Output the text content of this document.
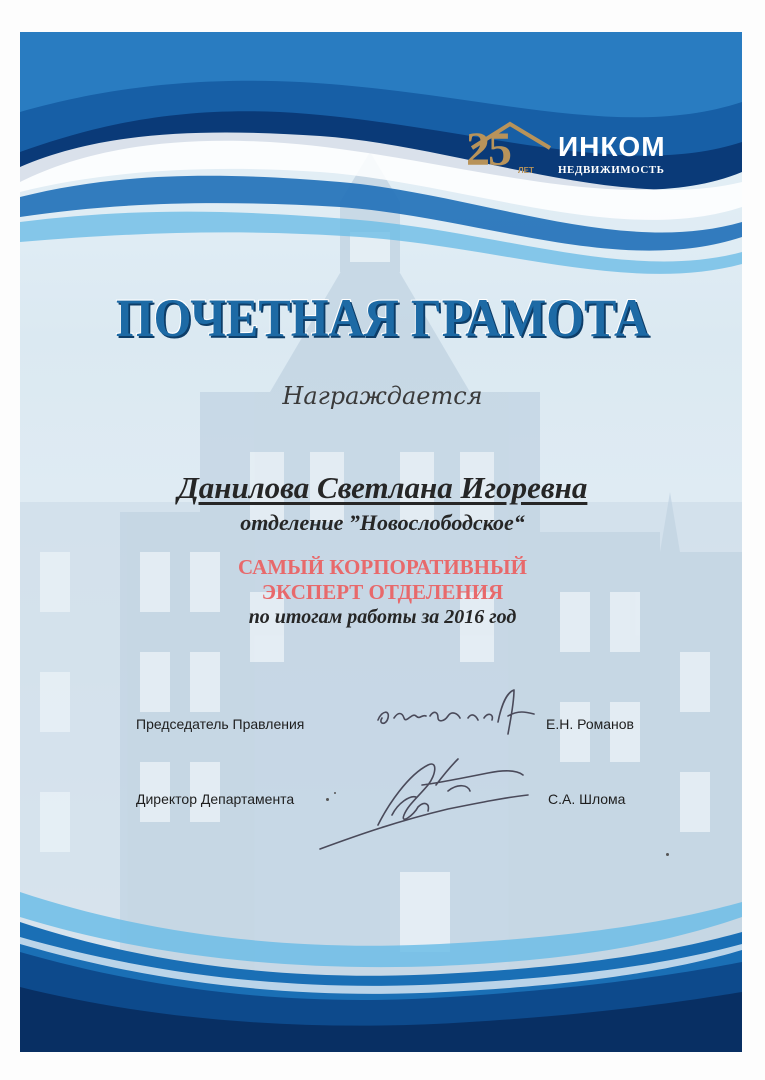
25 ЛЕТ
ИНКОМ
НЕДВИЖИМОСТЬ
ПОЧЕТНАЯ ГРАМОТА
Награждается
Данилова Светлана Игоревна
отделение ”Новослободское“
САМЫЙ КОРПОРАТИВНЫЙ
ЭКСПЕРТ ОТДЕЛЕНИЯ
по итогам работы за 2016 год
Председатель Правления	Е.Н. Романов
Директор Департамента	С.А. Шлома
